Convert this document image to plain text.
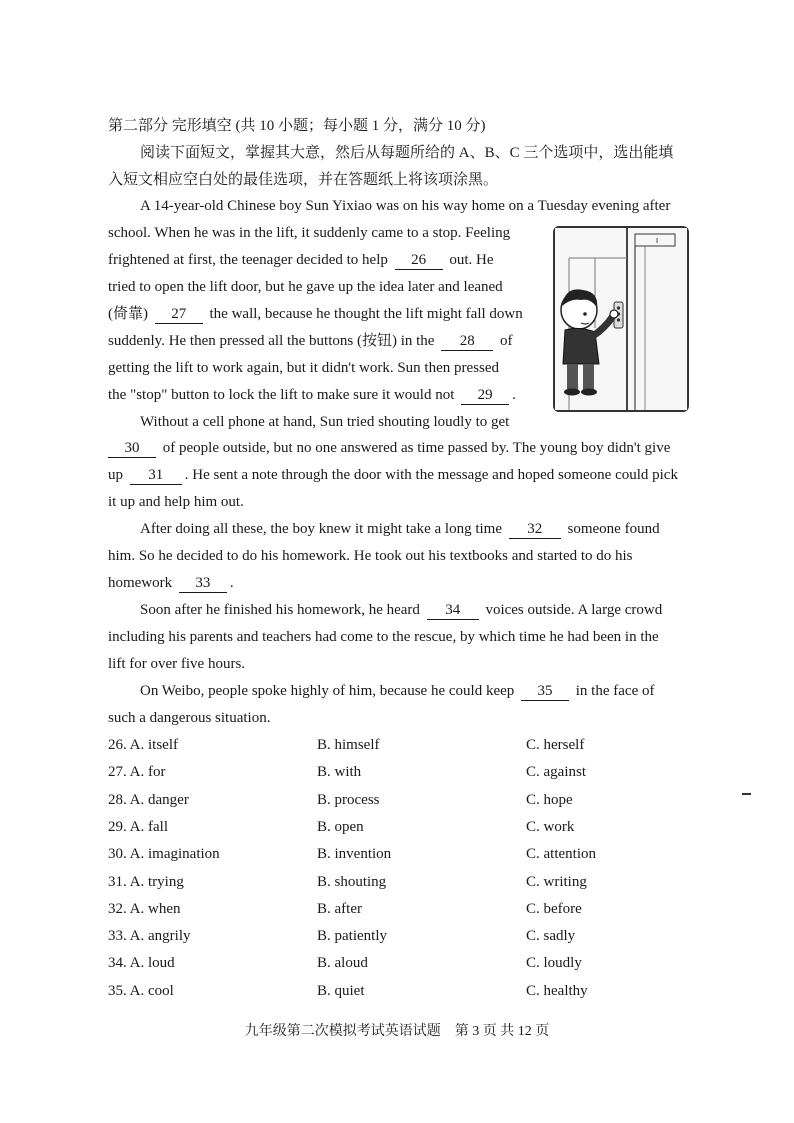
第二部分 完形填空 (共 10 小题；每小题 1 分，满分 10 分)
阅读下面短文，掌握其大意，然后从每题所给的 A、B、C 三个选项中，选出能填
入短文相应空白处的最佳选项，并在答题纸上将该项涂黑。
A 14-year-old Chinese boy Sun Yixiao was on his way home on a Tuesday evening after
school. When he was in the lift, it suddenly came to a stop. Feeling
frightened at first, the teenager decided to help 26 out. He
tried to open the lift door, but he gave up the idea later and leaned
(倚靠) 27 the wall, because he thought the lift might fall down
suddenly. He then pressed all the buttons (按钮) in the 28 of
getting the lift to work again, but it didn't work. Sun then pressed
the "stop" button to lock the lift to make sure it would not 29 .
Without a cell phone at hand, Sun tried shouting loudly to get
30 of people outside, but no one answered as time passed by. The young boy didn't give
up 31 . He sent a note through the door with the message and hoped someone could pick
it up and help him out.
After doing all these, the boy knew it might take a long time 32 someone found
him. So he decided to do his homework. He took out his textbooks and started to do his
homework 33 .
Soon after he finished his homework, he heard 34 voices outside. A large crowd
including his parents and teachers had come to the rescue, by which time he had been in the
lift for over five hours.
On Weibo, people spoke highly of him, because he could keep 35 in the face of
such a dangerous situation.
26. A. itself	B. himself	C. herself
27. A. for	B. with	C. against
28. A. danger	B. process	C. hope
29. A. fall	B. open	C. work
30. A. imagination	B. invention	C. attention
31. A. trying	B. shouting	C. writing
32. A. when	B. after	C. before
33. A. angrily	B. patiently	C. sadly
34. A. loud	B. aloud	C. loudly
35. A. cool	B. quiet	C. healthy
九年级第二次模拟考试英语试题　第 3 页 共 12 页
